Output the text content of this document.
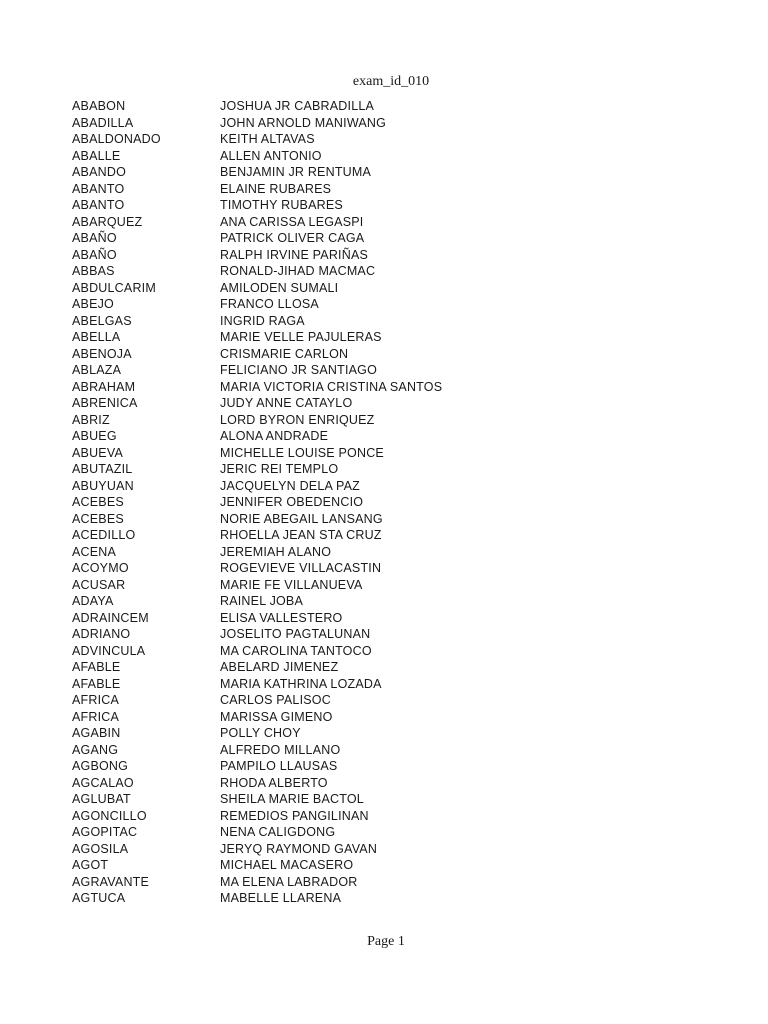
exam_id_010
ABABON	JOSHUA JR CABRADILLA
ABADILLA	JOHN ARNOLD MANIWANG
ABALDONADO	KEITH ALTAVAS
ABALLE	ALLEN ANTONIO
ABANDO	BENJAMIN JR RENTUMA
ABANTO	ELAINE RUBARES
ABANTO	TIMOTHY RUBARES
ABARQUEZ	ANA CARISSA LEGASPI
ABAÑO	PATRICK OLIVER CAGA
ABAÑO	RALPH IRVINE PARIÑAS
ABBAS	RONALD-JIHAD MACMAC
ABDULCARIM	AMILODEN SUMALI
ABEJO	FRANCO LLOSA
ABELGAS	INGRID RAGA
ABELLA	MARIE VELLE PAJULERAS
ABENOJA	CRISMARIE CARLON
ABLAZA	FELICIANO JR SANTIAGO
ABRAHAM	MARIA VICTORIA CRISTINA SANTOS
ABRENICA	JUDY ANNE CATAYLO
ABRIZ	LORD BYRON ENRIQUEZ
ABUEG	ALONA ANDRADE
ABUEVA	MICHELLE LOUISE PONCE
ABUTAZIL	JERIC REI TEMPLO
ABUYUAN	JACQUELYN DELA PAZ
ACEBES	JENNIFER OBEDENCIO
ACEBES	NORIE ABEGAIL LANSANG
ACEDILLO	RHOELLA JEAN STA CRUZ
ACENA	JEREMIAH ALANO
ACOYMO	ROGEVIEVE VILLACASTIN
ACUSAR	MARIE FE VILLANUEVA
ADAYA	RAINEL JOBA
ADRAINCEM	ELISA VALLESTERO
ADRIANO	JOSELITO PAGTALUNAN
ADVINCULA	MA CAROLINA TANTOCO
AFABLE	ABELARD JIMENEZ
AFABLE	MARIA KATHRINA LOZADA
AFRICA	CARLOS PALISOC
AFRICA	MARISSA GIMENO
AGABIN	POLLY CHOY
AGANG	ALFREDO MILLANO
AGBONG	PAMPILO LLAUSAS
AGCALAO	RHODA ALBERTO
AGLUBAT	SHEILA MARIE BACTOL
AGONCILLO	REMEDIOS PANGILINAN
AGOPITAC	NENA CALIGDONG
AGOSILA	JERYQ RAYMOND GAVAN
AGOT	MICHAEL MACASERO
AGRAVANTE	MA ELENA LABRADOR
AGTUCA	MABELLE LLARENA
Page 1
